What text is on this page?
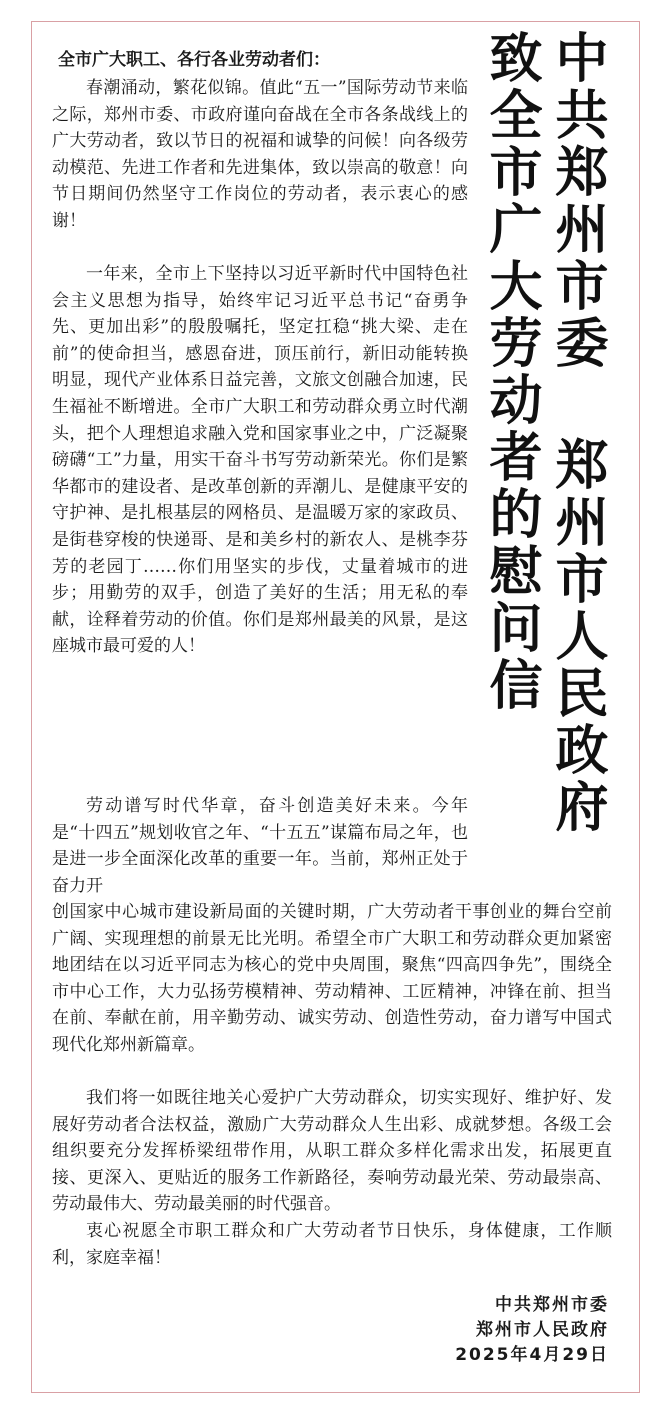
中共郑州市委 郑州市人民政府
致全市广大劳动者的慰问信
全市广大职工、各行各业劳动者们：

春潮涌动，繁花似锦。值此“五一”国际劳动节来临之际，郑州市委、市政府谨向奋战在全市各条战线上的广大劳动者，致以节日的祝福和诚挚的问候！向各级劳动模范、先进工作者和先进集体，致以崇高的敬意！向节日期间仍然坚守工作岗位的劳动者，表示衷心的感谢！

一年来，全市上下坚持以习近平新时代中国特色社会主义思想为指导，始终牢记习近平总书记“奋勇争先、更加出彩”的殷殷嘱托，坚定扛稳“挑大梁、走在前”的使命担当，感恩奋进，顶压前行，新旧动能转换明显，现代产业体系日益完善，文旅文创融合加速，民生福祉不断增进。全市广大职工和劳动群众勇立时代潮头，把个人理想追求融入党和国家事业之中，广泛凝聚磅礴“工”力量，用实干奋斗书写劳动新荣光。你们是繁华都市的建设者、是改革创新的弄潮儿、是健康平安的守护神、是扎根基层的网格员、是温暖万家的家政员、是街巷穿梭的快递哥、是和美乡村的新农人、是桃李芬芳的老园丁……你们用坚实的步伐，丈量着城市的进步；用勤劳的双手，创造了美好的生活；用无私的奉献，诠释着劳动的价值。你们是郑州最美的风景，是这座城市最可爱的人！

劳动谱写时代华章，奋斗创造美好未来。今年是“十四五”规划收官之年、“十五五”谋篇布局之年，也是进一步全面深化改革的重要一年。当前，郑州正处于奋力开

创国家中心城市建设新局面的关键时期，广大劳动者干事创业的舞台空前广阔、实现理想的前景无比光明。希望全市广大职工和劳动群众更加紧密地团结在以习近平同志为核心的党中央周围，聚焦“四高四争先”，围绕全市中心工作，大力弘扬劳模精神、劳动精神、工匠精神，冲锋在前、担当在前、奉献在前，用辛勤劳动、诚实劳动、创造性劳动，奋力谱写中国式现代化郑州新篇章。

我们将一如既往地关心爱护广大劳动群众，切实实现好、维护好、发展好劳动者合法权益，激励广大劳动群众人生出彩、成就梦想。各级工会组织要充分发挥桥梁纽带作用，从职工群众多样化需求出发，拓展更直接、更深入、更贴近的服务工作新路径，奏响劳动最光荣、劳动最崇高、劳动最伟大、劳动最美丽的时代强音。

衷心祝愿全市职工群众和广大劳动者节日快乐，身体健康，工作顺利，家庭幸福！

中共郑州市委
郑州市人民政府
2025年4月29日
